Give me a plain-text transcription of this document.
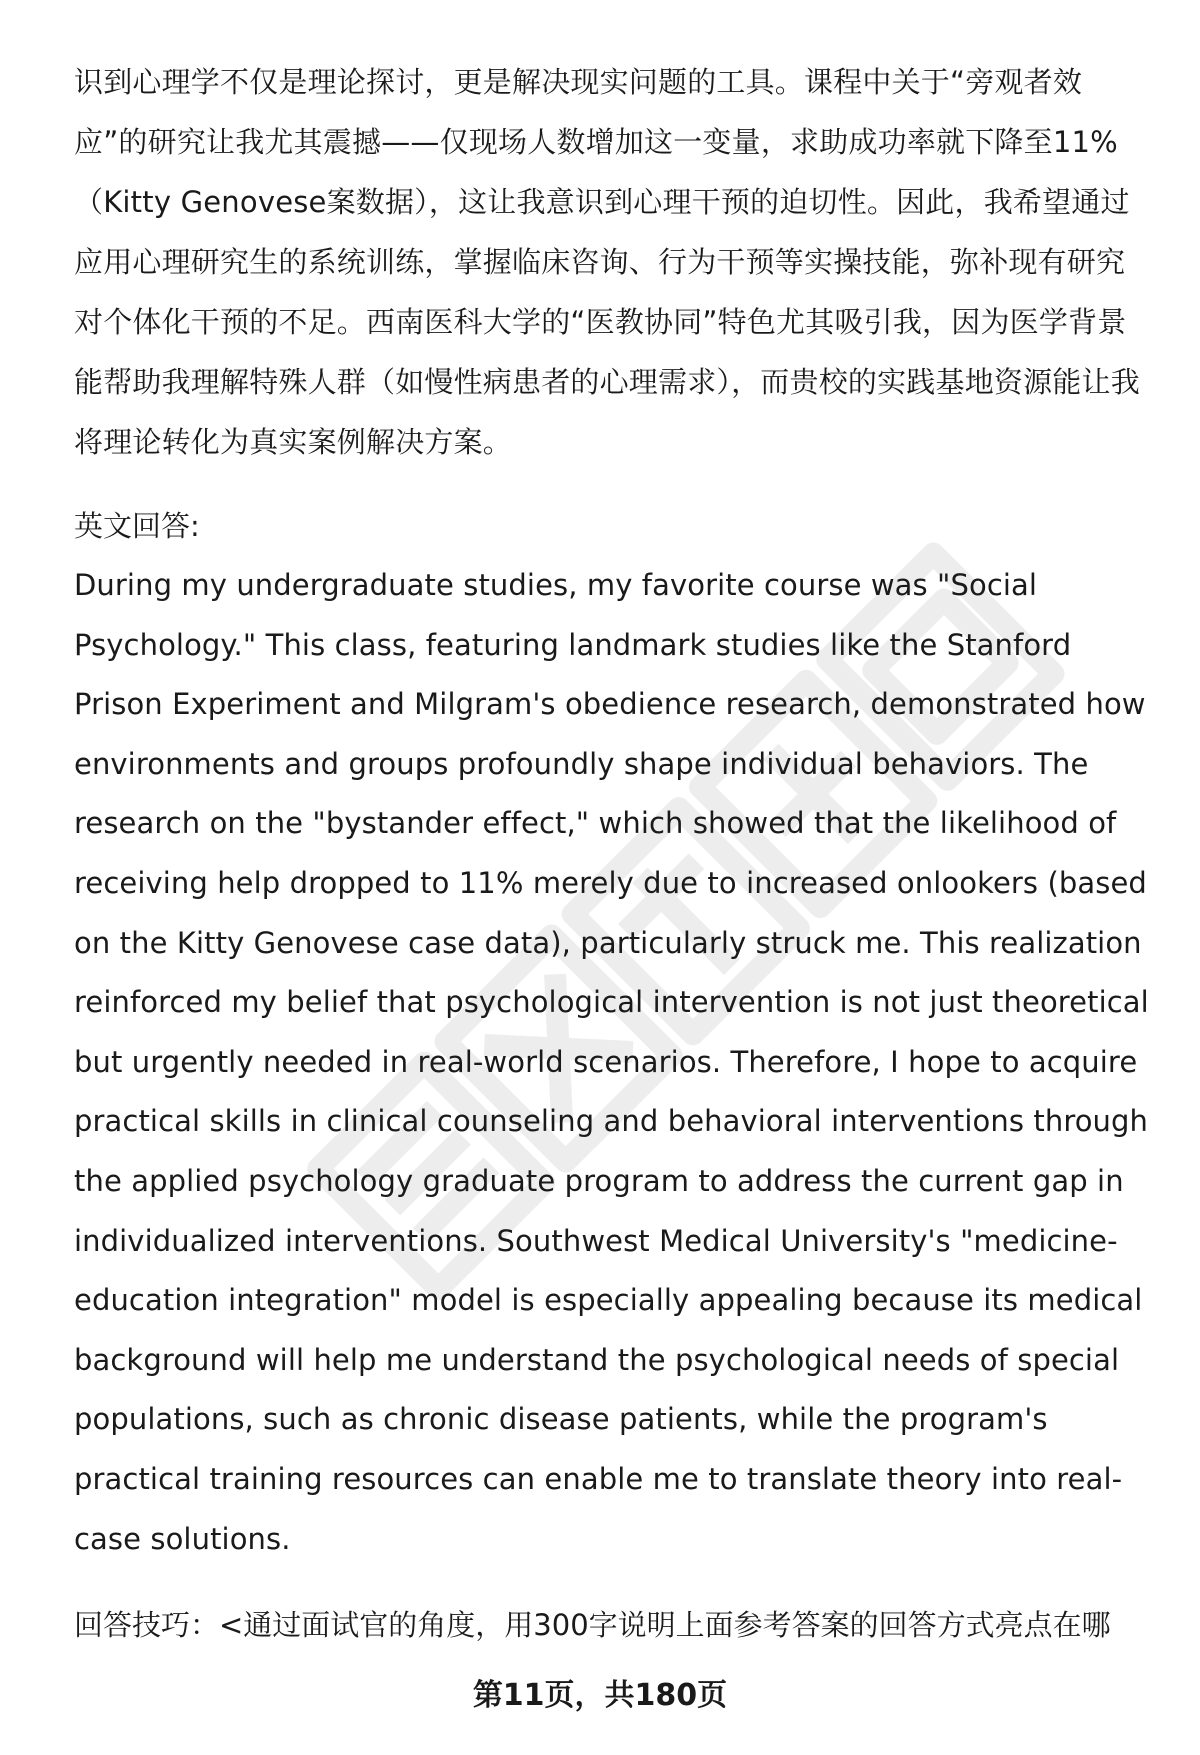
识到心理学不仅是理论探讨，更是解决现实问题的工具。课程中关于“旁观者效应”的研究让我尤其震撼——仅现场人数增加这一变量，求助成功率就下降至11%（Kitty Genovese案数据），这让我意识到心理干预的迫切性。因此，我希望通过应用心理研究生的系统训练，掌握临床咨询、行为干预等实操技能，弥补现有研究对个体化干预的不足。西南医科大学的“医教协同”特色尤其吸引我，因为医学背景能帮助我理解特殊人群（如慢性病患者的心理需求），而贵校的实践基地资源能让我将理论转化为真实案例解决方案。

英文回答:

During my undergraduate studies, my favorite course was "Social Psychology." This class, featuring landmark studies like the Stanford Prison Experiment and Milgram's obedience research, demonstrated how environments and groups profoundly shape individual behaviors. The research on the "bystander effect," which showed that the likelihood of receiving help dropped to 11% merely due to increased onlookers (based on the Kitty Genovese case data), particularly struck me. This realization reinforced my belief that psychological intervention is not just theoretical but urgently needed in real-world scenarios. Therefore, I hope to acquire practical skills in clinical counseling and behavioral interventions through the applied psychology graduate program to address the current gap in individualized interventions. Southwest Medical University's "medicine-education integration" model is especially appealing because its medical background will help me understand the psychological needs of special populations, such as chronic disease patients, while the program's practical training resources can enable me to translate theory into real-case solutions.

回答技巧：<通过面试官的角度，用300字说明上面参考答案的回答方式亮点在哪

第11页，共180页
